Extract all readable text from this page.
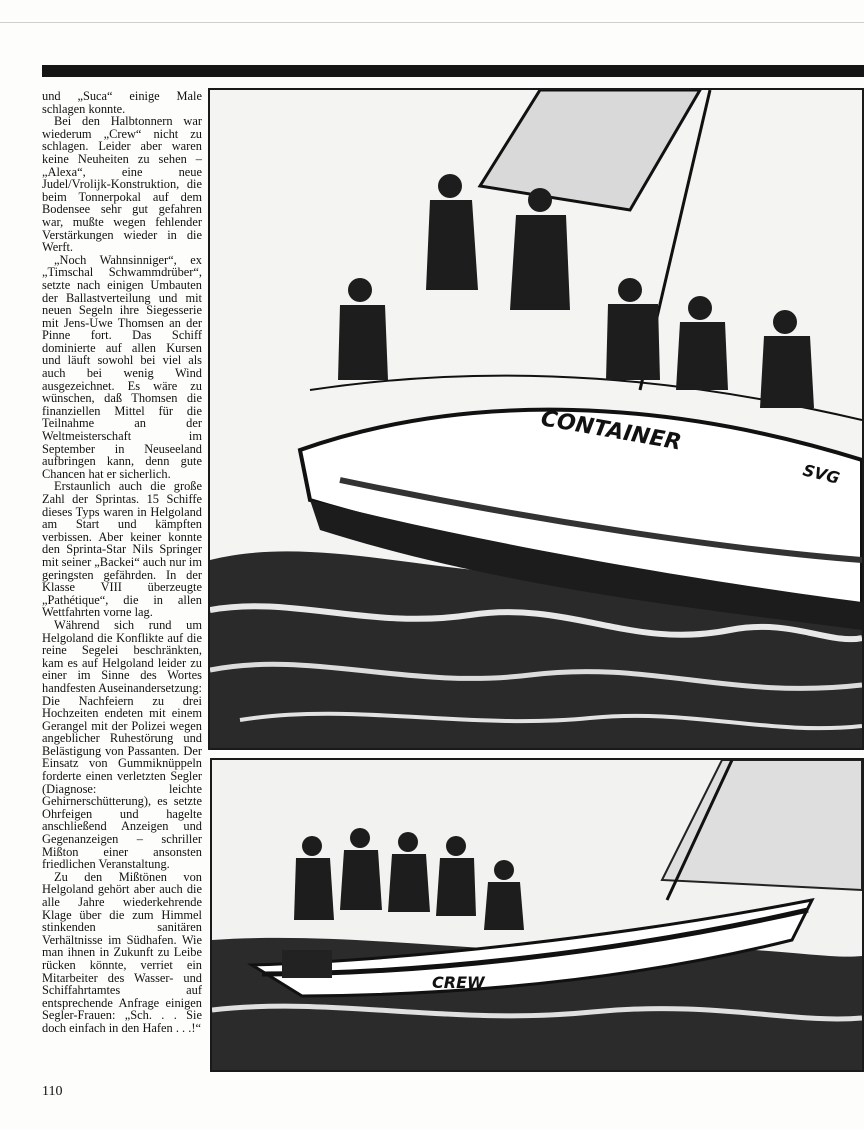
und „Suca“ einige Male schlagen konnte.

Bei den Halbtonnern war wiederum „Crew“ nicht zu schlagen. Leider aber waren keine Neuheiten zu sehen – „Alexa“, eine neue Judel/Vrolijk-Konstruktion, die beim Tonnerpokal auf dem Bodensee sehr gut gefahren war, mußte wegen fehlender Verstärkungen wieder in die Werft.

„Noch Wahnsinniger“, ex „Timschal Schwammdrüber“, setzte nach einigen Umbauten der Ballastverteilung und mit neuen Segeln ihre Siegesserie mit Jens-Uwe Thomsen an der Pinne fort. Das Schiff dominierte auf allen Kursen und läuft sowohl bei viel als auch bei wenig Wind ausgezeichnet. Es wäre zu wünschen, daß Thomsen die finanziellen Mittel für die Teilnahme an der Weltmeisterschaft im September in Neuseeland aufbringen kann, denn gute Chancen hat er sicherlich.

Erstaunlich auch die große Zahl der Sprintas. 15 Schiffe dieses Typs waren in Helgoland am Start und kämpften verbissen. Aber keiner konnte den Sprinta-Star Nils Springer mit seiner „Backei“ auch nur im geringsten gefährden. In der Klasse VIII überzeugte „Pathétique“, die in allen Wettfahrten vorne lag.

Während sich rund um Helgoland die Konflikte auf die reine Segelei beschränkten, kam es auf Helgoland leider zu einer im Sinne des Wortes handfesten Auseinandersetzung: Die Nachfeiern zu drei Hochzeiten endeten mit einem Gerangel mit der Polizei wegen angeblicher Ruhestörung und Belästigung von Passanten. Der Einsatz von Gummiknüppeln forderte einen verletzten Segler (Diagnose: leichte Gehirnerschütterung), es setzte Ohrfeigen und hagelte anschließend Anzeigen und Gegenanzeigen – schriller Mißton einer ansonsten friedlichen Veranstaltung.

Zu den Mißtönen von Helgoland gehört aber auch die alle Jahre wiederkehrende Klage über die zum Himmel stinkenden sanitären Verhältnisse im Südhafen. Wie man ihnen in Zukunft zu Leibe rücken könnte, verriet ein Mitarbeiter des Wasser- und Schiffahrtamtes auf entsprechende Anfrage einigen Segler-Frauen: „Sch. . . Sie doch einfach in den Hafen . . .!“

110
CONTAINER
SVG
CREW
